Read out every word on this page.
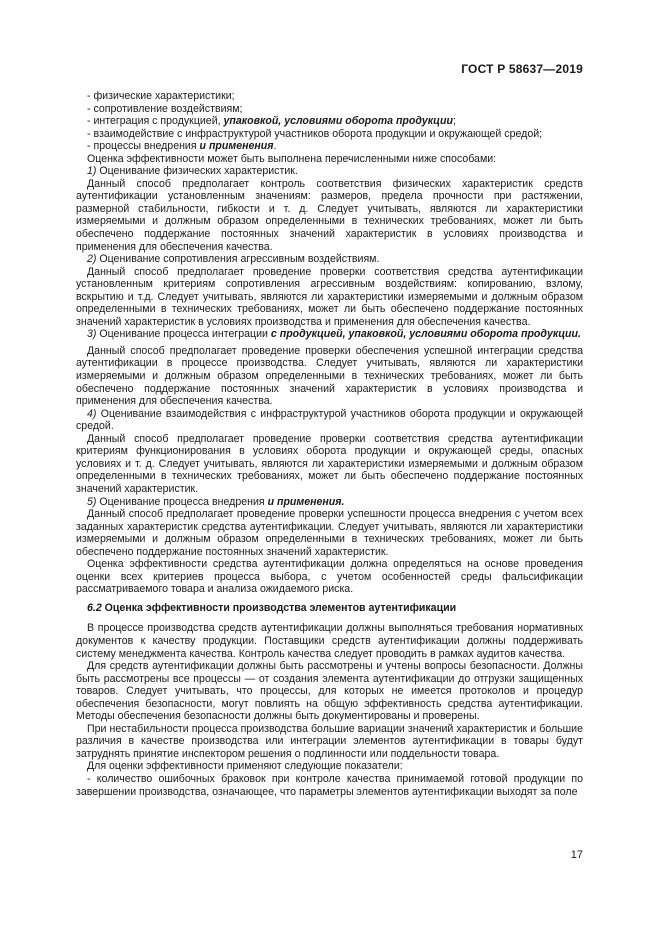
ГОСТ Р 58637—2019

- физические характеристики;

- сопротивление воздействиям;

- интеграция с продукцией, упаковкой, условиями оборота продукции;

- взаимодействие с инфраструктурой участников оборота продукции и окружающей средой;

- процессы внедрения и применения.

Оценка эффективности может быть выполнена перечисленными ниже способами:

1) Оценивание физических характеристик.

Данный способ предполагает контроль соответствия физических характеристик средств аутентификации установленным значениям: размеров, предела прочности при растяжении, размерной стабильности, гибкости и т. д. Следует учитывать, являются ли характеристики измеряемыми и должным образом определенными в технических требованиях, может ли быть обеспечено поддержание постоянных значений характеристик в условиях производства и применения для обеспечения качества.

2) Оценивание сопротивления агрессивным воздействиям.

Данный способ предполагает проведение проверки соответствия средства аутентификации установленным критериям сопротивления агрессивным воздействиям: копированию, взлому, вскрытию и т.д. Следует учитывать, являются ли характеристики измеряемыми и должным образом определенными в технических требованиях, может ли быть обеспечено поддержание постоянных значений характеристик в условиях производства и применения для обеспечения качества.

3) Оценивание процесса интеграции с продукцией, упаковкой, условиями оборота продукции.

Данный способ предполагает проведение проверки обеспечения успешной интеграции средства аутентификации в процессе производства. Следует учитывать, являются ли характеристики измеряемыми и должным образом определенными в технических требованиях, может ли быть обеспечено поддержание постоянных значений характеристик в условиях производства и применения для обеспечения качества.

4) Оценивание взаимодействия с инфраструктурой участников оборота продукции и окружающей средой.

Данный способ предполагает проведение проверки соответствия средства аутентификации критериям функционирования в условиях оборота продукции и окружающей среды, опасных условиях и т. д. Следует учитывать, являются ли характеристики измеряемыми и должным образом определенными в технических требованиях, может ли быть обеспечено поддержание постоянных значений характеристик.

5) Оценивание процесса внедрения и применения.

Данный способ предполагает проведение проверки успешности процесса внедрения с учетом всех заданных характеристик средства аутентификации. Следует учитывать, являются ли характеристики измеряемыми и должным образом определенными в технических требованиях, может ли быть обеспечено поддержание постоянных значений характеристик.

Оценка эффективности средства аутентификации должна определяться на основе проведения оценки всех критериев процесса выбора, с учетом особенностей среды фальсификации рассматриваемого товара и анализа ожидаемого риска.

6.2 Оценка эффективности производства элементов аутентификации

В процессе производства средств аутентификации должны выполняться требования нормативных документов к качеству продукции. Поставщики средств аутентификации должны поддерживать систему менеджмента качества. Контроль качества следует проводить в рамках аудитов качества.

Для средств аутентификации должны быть рассмотрены и учтены вопросы безопасности. Должны быть рассмотрены все процессы — от создания элемента аутентификации до отгрузки защищенных товаров. Следует учитывать, что процессы, для которых не имеется протоколов и процедур обеспечения безопасности, могут повлиять на общую эффективность средства аутентификации. Методы обеспечения безопасности должны быть документированы и проверены.

При нестабильности процесса производства большие вариации значений характеристик и большие различия в качестве производства или интеграции элементов аутентификации в товары будут затруднять принятие инспектором решения о подлинности или поддельности товара.

Для оценки эффективности применяют следующие показатели:

- количество ошибочных браковок при контроле качества принимаемой готовой продукции по завершении производства, означающее, что параметры элементов аутентификации выходят за поле

17
